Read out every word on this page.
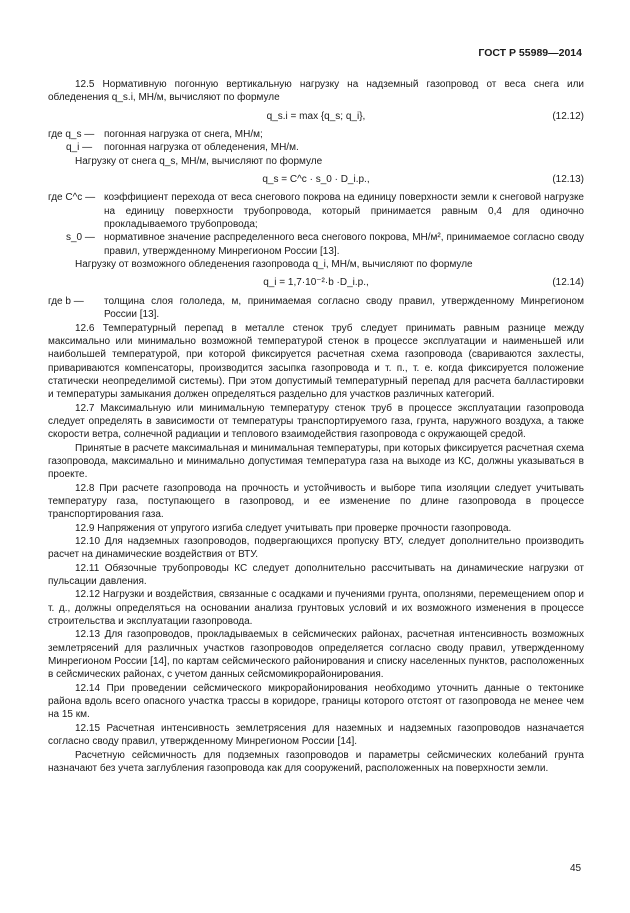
ГОСТ Р 55989—2014

12.5 Нормативную погонную вертикальную нагрузку на надземный газопровод от веса снега или обледенения q_s.i, МН/м, вычисляют по формуле

q_s.i = max {q_s; q_i},	(12.12)
где q_s — погонная нагрузка от снега, МН/м;
q_i —	погонная нагрузка от обледенения, МН/м.

Нагрузку от снега q_s, МН/м, вычисляют по формуле

q_s = C^c · s_0 · D_i.p.,	(12.13)
где C^c — коэффициент перехода от веса снегового покрова на единицу поверхности земли к снеговой нагрузке на единицу поверхности трубопровода, который принимается равным 0,4 для одиночно прокладываемого трубопровода;
s_0 — нормативное значение распределенного веса снегового покрова, МН/м², принимаемое согласно своду правил, утвержденному Минрегионом России [13].

Нагрузку от возможного обледенения газопровода q_i, МН/м, вычисляют по формуле

q_i = 1,7·10⁻²·b ·D_i.p.,	(12.14)
где b —	толщина слоя гололеда, м, принимаемая согласно своду правил, утвержденному Минрегионом России [13].

12.6 Температурный перепад в металле стенок труб следует принимать равным разнице между максимально или минимально возможной температурой стенок в процессе эксплуатации и наименьшей или наибольшей температурой, при которой фиксируется расчетная схема газопровода (свариваются захлесты, привариваются компенсаторы, производится засыпка газопровода и т. п., т. е. когда фиксируется положение статически неопределимой системы). При этом допустимый температурный перепад для расчета балластировки и температуры замыкания должен определяться раздельно для участков различных категорий.

12.7 Максимальную или минимальную температуру стенок труб в процессе эксплуатации газопровода следует определять в зависимости от температуры транспортируемого газа, грунта, наружного воздуха, а также скорости ветра, солнечной радиации и теплового взаимодействия газопровода с окружающей средой.

Принятые в расчете максимальная и минимальная температуры, при которых фиксируется расчетная схема газопровода, максимально и минимально допустимая температура газа на выходе из КС, должны указываться в проекте.

12.8 При расчете газопровода на прочность и устойчивость и выборе типа изоляции следует учитывать температуру газа, поступающего в газопровод, и ее изменение по длине газопровода в процессе транспортирования газа.

12.9 Напряжения от упругого изгиба следует учитывать при проверке прочности газопровода.

12.10 Для надземных газопроводов, подвергающихся пропуску ВТУ, следует дополнительно производить расчет на динамические воздействия от ВТУ.

12.11 Обязочные трубопроводы КС следует дополнительно рассчитывать на динамические нагрузки от пульсации давления.

12.12 Нагрузки и воздействия, связанные с осадками и пучениями грунта, оползнями, перемещением опор и т. д., должны определяться на основании анализа грунтовых условий и их возможного изменения в процессе строительства и эксплуатации газопровода.

12.13 Для газопроводов, прокладываемых в сейсмических районах, расчетная интенсивность возможных землетрясений для различных участков газопроводов определяется согласно своду правил, утвержденному Минрегионом России [14], по картам сейсмического районирования и списку населенных пунктов, расположенных в сейсмических районах, с учетом данных сейсмомикрорайонирования.

12.14 При проведении сейсмического микрорайонирования необходимо уточнить данные о тектонике района вдоль всего опасного участка трассы в коридоре, границы которого отстоят от газопровода не менее чем на 15 км.

12.15 Расчетная интенсивность землетрясения для наземных и надземных газопроводов назначается согласно своду правил, утвержденному Минрегионом России [14].

Расчетную сейсмичность для подземных газопроводов и параметры сейсмических колебаний грунта назначают без учета заглубления газопровода как для сооружений, расположенных на поверхности земли.

45
